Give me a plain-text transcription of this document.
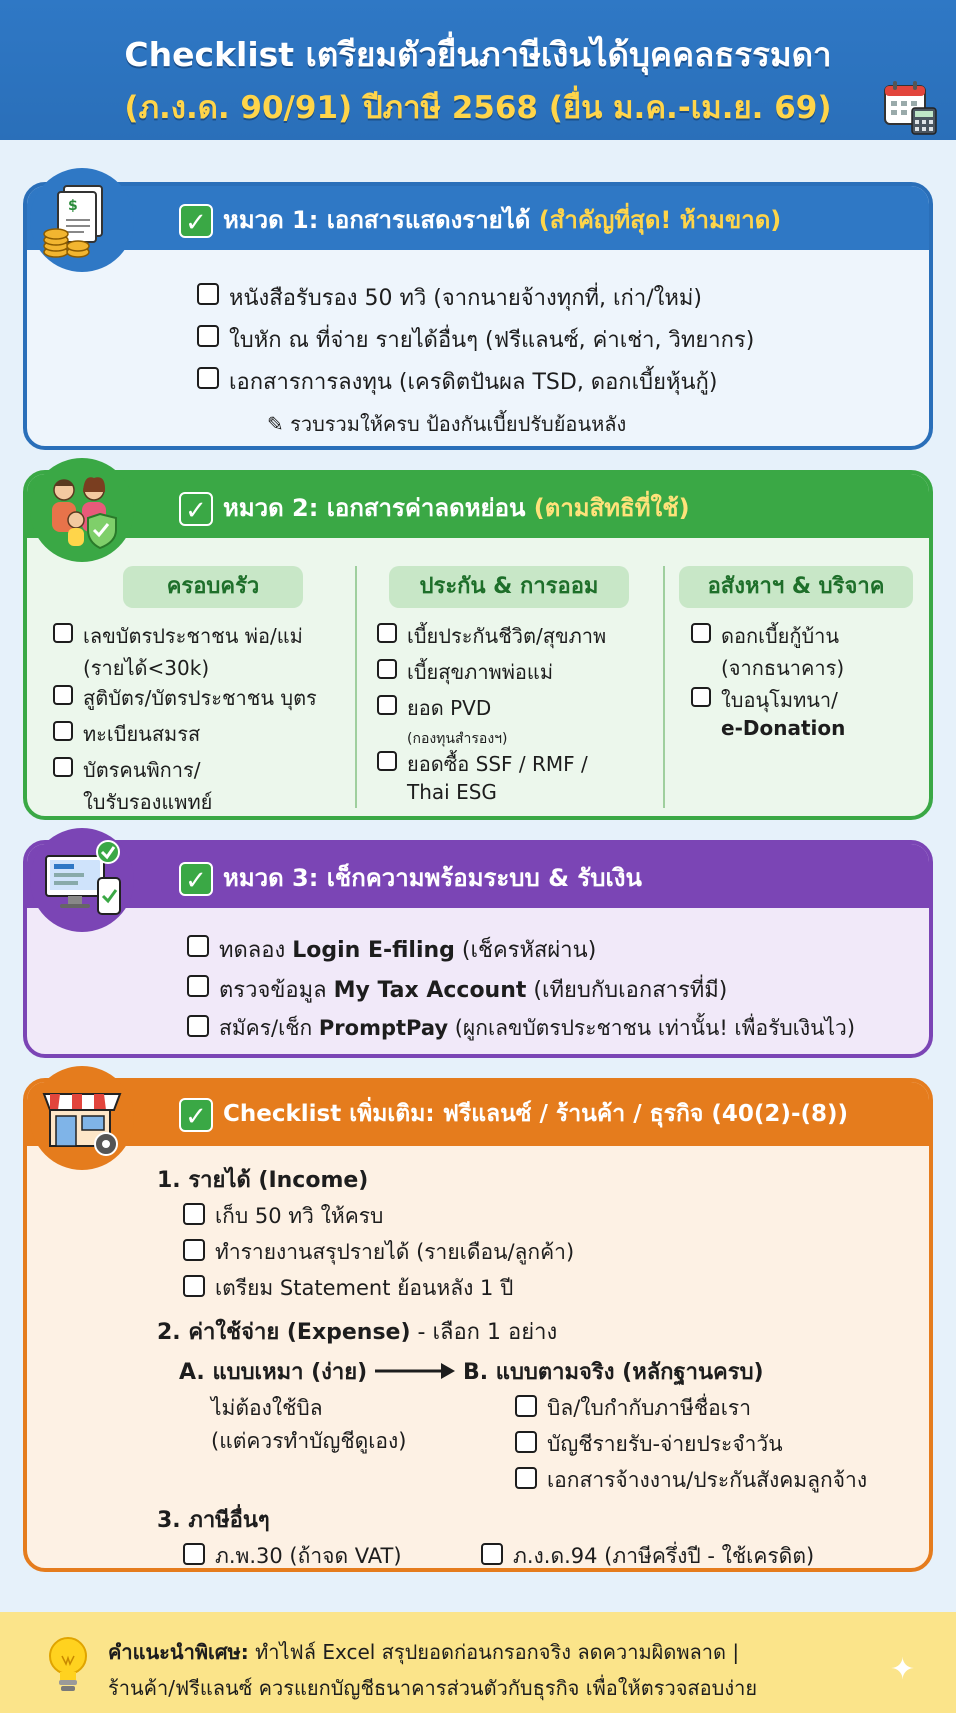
Checklist เตรียมตัวยื่นภาษีเงินได้บุคคลธรรมดา
(ภ.ง.ด. 90/91) ปีภาษี 2568 (ยื่น ม.ค.-เม.ย. 69)
✓ หมวด 1: เอกสารแสดงรายได้ (สำคัญที่สุด! ห้ามขาด)
หนังสือรับรอง 50 ทวิ (จากนายจ้างทุกที่, เก่า/ใหม่)
ใบหัก ณ ที่จ่าย รายได้อื่นๆ (ฟรีแลนซ์, ค่าเช่า, วิทยากร)
เอกสารการลงทุน (เครดิตปันผล TSD, ดอกเบี้ยหุ้นกู้)
✎ รวบรวมให้ครบ ป้องกันเบี้ยปรับย้อนหลัง
$
✓ หมวด 2: เอกสารค่าลดหย่อน (ตามสิทธิที่ใช้)
ครอบครัว
เลขบัตรประชาชน พ่อ/แม่
(รายได้<30k)
สูติบัตร/บัตรประชาชน บุตร
ทะเบียนสมรส
บัตรคนพิการ/
ใบรับรองแพทย์
ประกัน & การออม
เบี้ยประกันชีวิต/สุขภาพ
เบี้ยสุขภาพพ่อแม่
ยอด PVD
(กองทุนสำรองฯ)
ยอดซื้อ SSF / RMF /
Thai ESG
อสังหาฯ & บริจาค
ดอกเบี้ยกู้บ้าน
(จากธนาคาร)
ใบอนุโมทนา/
e-Donation
✓ หมวด 3: เช็กความพร้อมระบบ & รับเงิน
ทดลอง Login E-filing (เช็ครหัสผ่าน)
ตรวจข้อมูล My Tax Account (เทียบกับเอกสารที่มี)
สมัคร/เช็ก PromptPay (ผูกเลขบัตรประชาชน เท่านั้น! เพื่อรับเงินไว)
✓ Checklist เพิ่มเติม: ฟรีแลนซ์ / ร้านค้า / ธุรกิจ (40(2)-(8))
1. รายได้ (Income)
เก็บ 50 ทวิ ให้ครบ
ทำรายงานสรุปรายได้ (รายเดือน/ลูกค้า)
เตรียม Statement ย้อนหลัง 1 ปี
2. ค่าใช้จ่าย (Expense) - เลือก 1 อย่าง
A. แบบเหมา (ง่าย)	B. แบบตามจริง (หลักฐานครบ)
ไม่ต้องใช้บิล
(แต่ควรทำบัญชีดูเอง)
บิล/ใบกำกับภาษีชื่อเรา
บัญชีรายรับ-จ่ายประจำวัน
เอกสารจ้างงาน/ประกันสังคมลูกจ้าง
3. ภาษีอื่นๆ
ภ.พ.30 (ถ้าจด VAT)	ภ.ง.ด.94 (ภาษีครึ่งปี - ใช้เครดิต)
คำแนะนำพิเศษ: ทำไฟล์ Excel สรุปยอดก่อนกรอกจริง ลดความผิดพลาด |
ร้านค้า/ฟรีแลนซ์ ควรแยกบัญชีธนาคารส่วนตัวกับธุรกิจ เพื่อให้ตรวจสอบง่าย
✦
